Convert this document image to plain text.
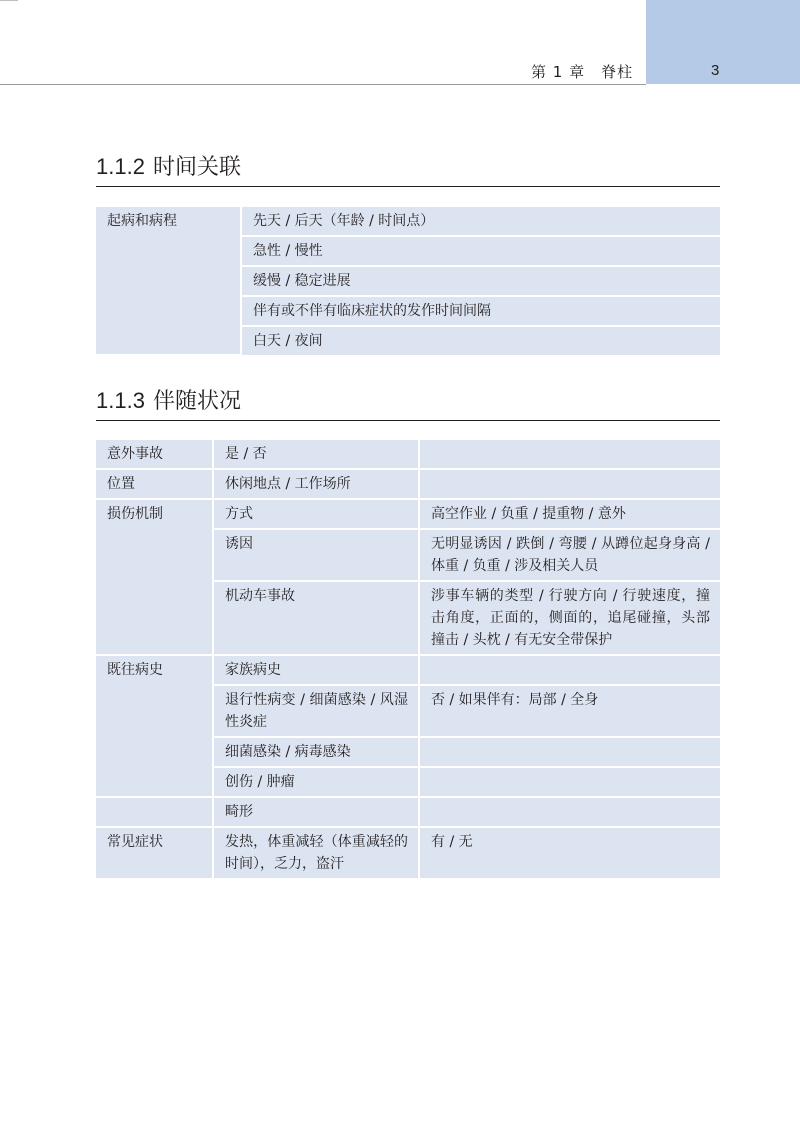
3
第 1 章　脊柱
1.1.2 时间关联
起病和病程	先天 / 后天（年龄 / 时间点）
急性 / 慢性
缓慢 / 稳定进展
伴有或不伴有临床症状的发作时间间隔
白天 / 夜间
1.1.3 伴随状况
意外事故	是 / 否	
位置	休闲地点 / 工作场所	
损伤机制	方式	高空作业 / 负重 / 提重物 / 意外
	诱因	无明显诱因 / 跌倒 / 弯腰 / 从蹲位起身身高 / 体重 / 负重 / 涉及相关人员
	机动车事故	涉事车辆的类型 / 行驶方向 / 行驶速度，撞击角度，正面的，侧面的，追尾碰撞，头部撞击 / 头枕 / 有无安全带保护
既往病史	家族病史	
	退行性病变 / 细菌感染 / 风湿性炎症	否 / 如果伴有：局部 / 全身
	细菌感染 / 病毒感染	
	创伤 / 肿瘤	
	畸形	
常见症状	发热，体重减轻（体重减轻的时间），乏力，盗汗	有 / 无
